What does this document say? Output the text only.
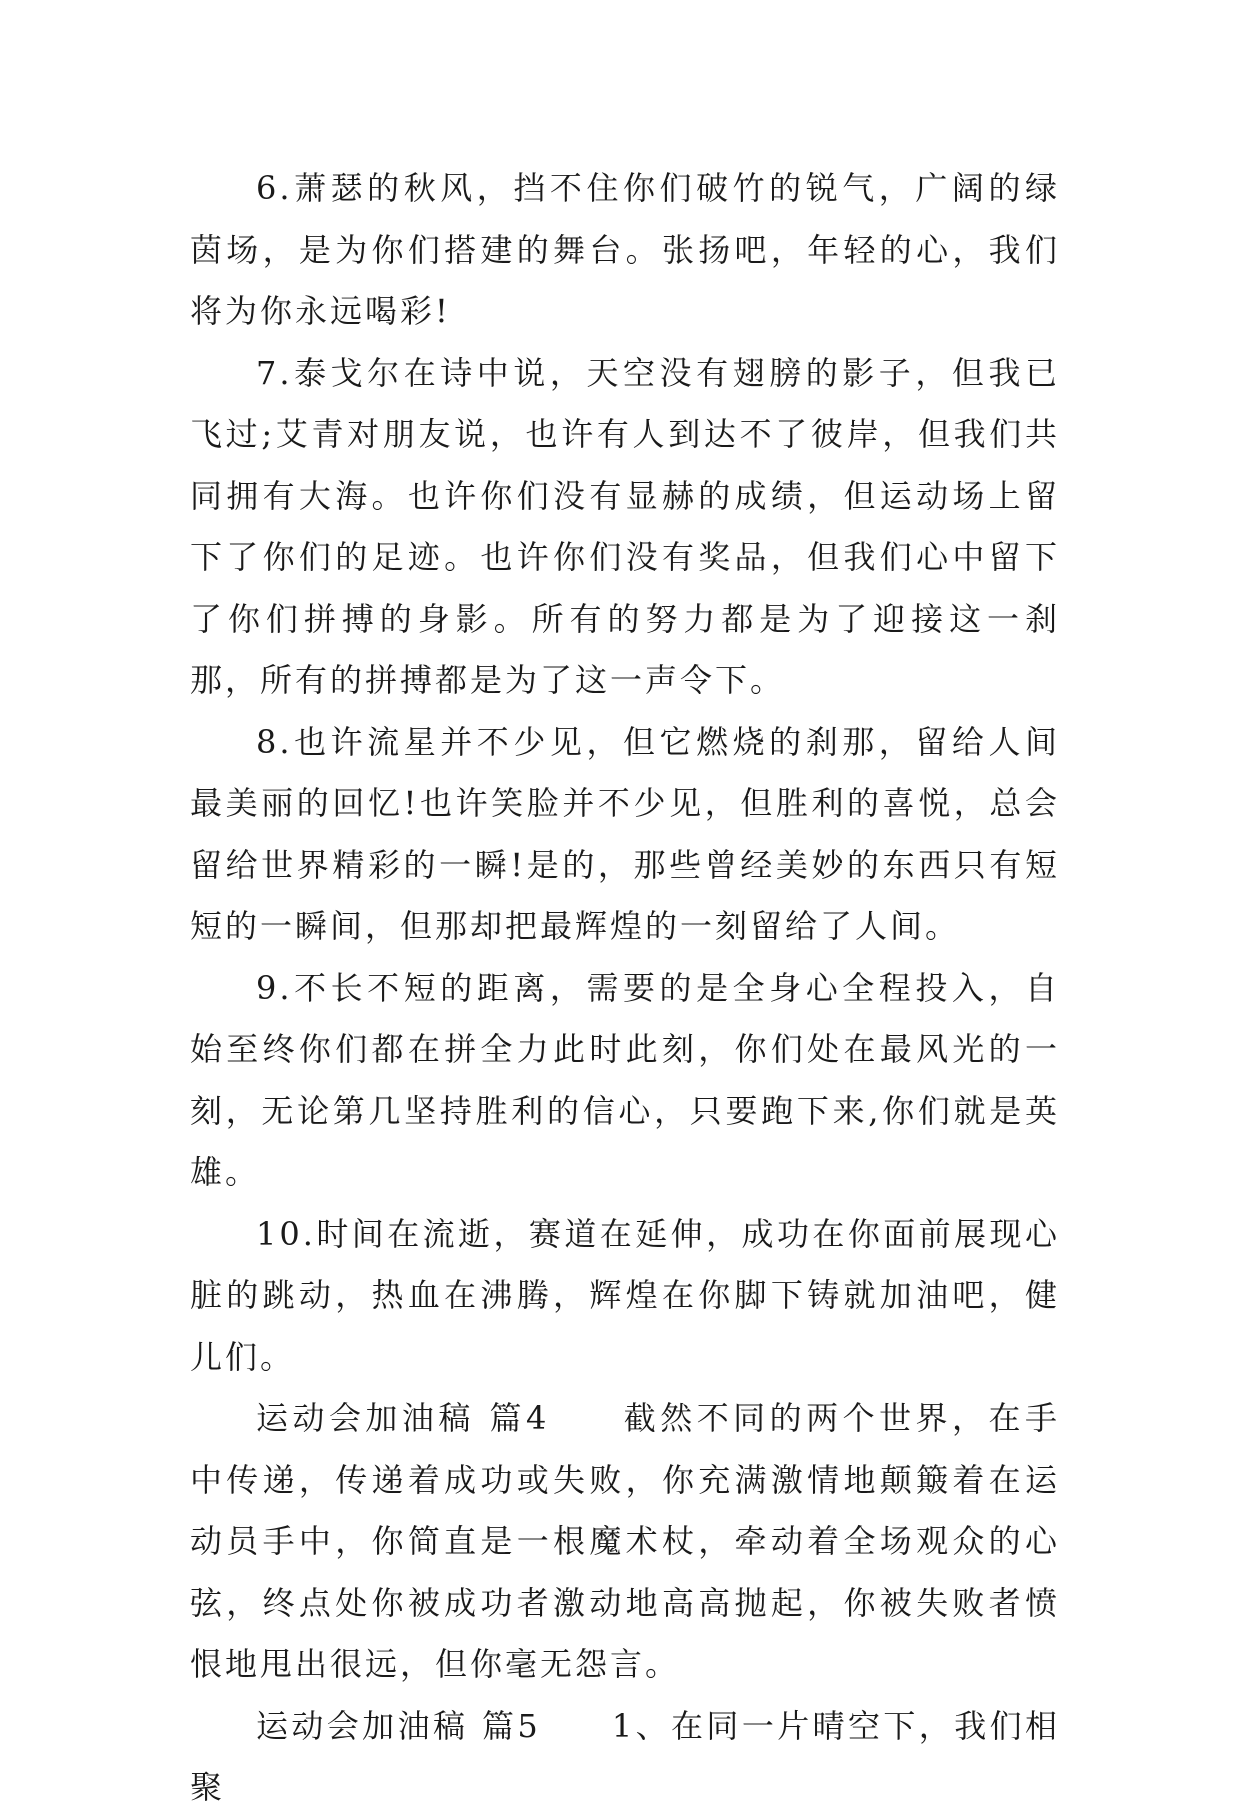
6.萧瑟的秋风，挡不住你们破竹的锐气，广阔的绿茵场，是为你们搭建的舞台。张扬吧，年轻的心，我们将为你永远喝彩!

7.泰戈尔在诗中说，天空没有翅膀的影子，但我已飞过;艾青对朋友说，也许有人到达不了彼岸，但我们共同拥有大海。也许你们没有显赫的成绩，但运动场上留下了你们的足迹。也许你们没有奖品，但我们心中留下了你们拼搏的身影。所有的努力都是为了迎接这一刹那，所有的拼搏都是为了这一声令下。

8.也许流星并不少见，但它燃烧的刹那，留给人间最美丽的回忆!也许笑脸并不少见，但胜利的喜悦，总会留给世界精彩的一瞬!是的，那些曾经美妙的东西只有短短的一瞬间，但那却把最辉煌的一刻留给了人间。

9.不长不短的距离，需要的是全身心全程投入，自始至终你们都在拼全力此时此刻，你们处在最风光的一刻，无论第几坚持胜利的信心，只要跑下来,你们就是英雄。

10.时间在流逝，赛道在延伸，成功在你面前展现心脏的跳动，热血在沸腾，辉煌在你脚下铸就加油吧，健儿们。

运动会加油稿 篇4　　截然不同的两个世界，在手中传递，传递着成功或失败，你充满激情地颠簸着在运动员手中，你简直是一根魔术杖，牵动着全场观众的心弦，终点处你被成功者激动地高高抛起，你被失败者愤恨地甩出很远，但你毫无怨言。

运动会加油稿 篇5　　1、在同一片晴空下，我们相聚
